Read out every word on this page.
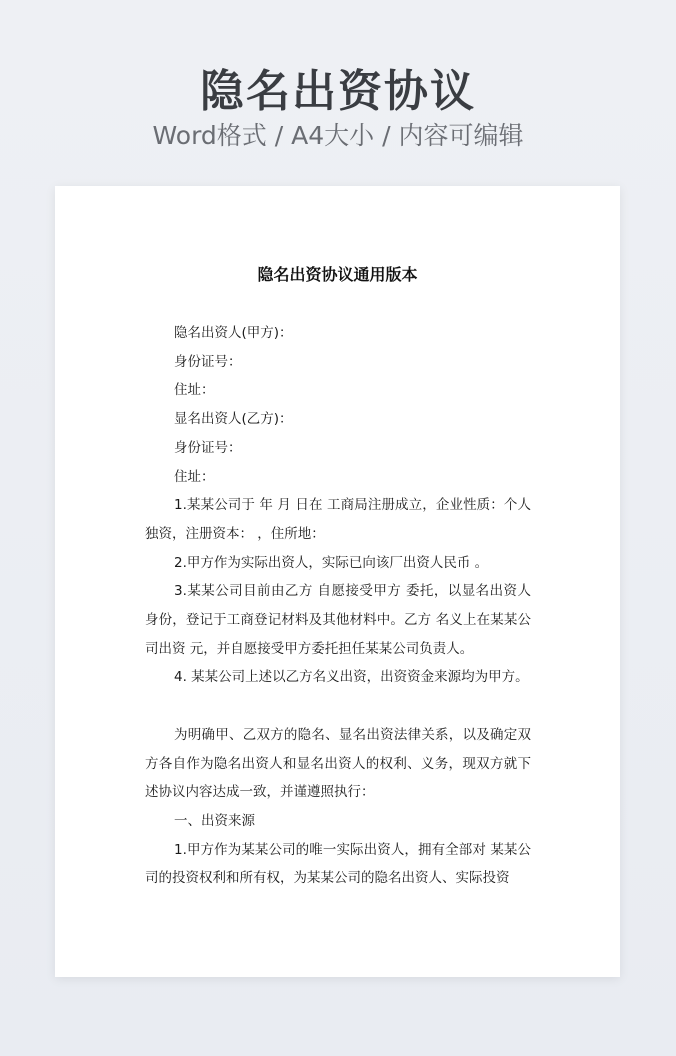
隐名出资协议
Word格式 / A4大小 / 内容可编辑
隐名出资协议通用版本

隐名出资人(甲方)：

身份证号：

住址：

显名出资人(乙方)：

身份证号：

住址：

1.某某公司于 年 月 日在 工商局注册成立，企业性质：个人独资，注册资本： ，住所地：

2.甲方作为实际出资人，实际已向该厂出资人民币 。

3.某某公司目前由乙方 自愿接受甲方 委托，以显名出资人身份，登记于工商登记材料及其他材料中。乙方 名义上在某某公司出资 元，并自愿接受甲方委托担任某某公司负责人。

4. 某某公司上述以乙方名义出资，出资资金来源均为甲方。

为明确甲、乙双方的隐名、显名出资法律关系，以及确定双方各自作为隐名出资人和显名出资人的权利、义务，现双方就下述协议内容达成一致，并谨遵照执行：

一、出资来源

1.甲方作为某某公司的唯一实际出资人，拥有全部对 某某公司的投资权利和所有权，为某某公司的隐名出资人、实际投资
